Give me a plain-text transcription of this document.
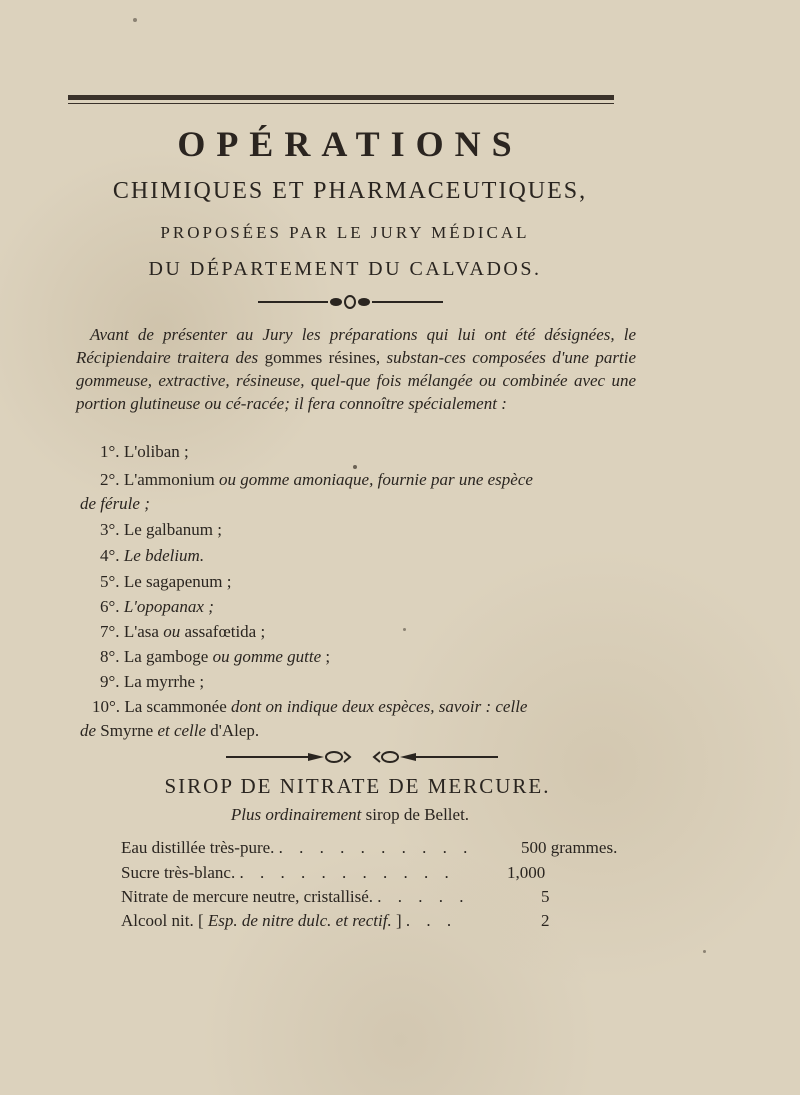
OPÉRATIONS
CHIMIQUES ET PHARMACEUTIQUES,
PROPOSÉES PAR LE JURY MÉDICAL
DU DÉPARTEMENT DU CALVADOS.
Avant de présenter au Jury les préparations qui lui ont été désignées, le Récipiendaire traitera des gommes résines, substan-ces composées d'une partie gommeuse, extractive, résineuse, quel-que fois mélangée ou combinée avec une portion glutineuse ou cé-racée; il fera connoître spécialement :
1°. L'oliban ;
2°. L'ammonium ou gomme amoniaque, fournie par une espèce
de férule ;
3°. Le galbanum ;
4°. Le bdelium.
5°. Le sagapenum ;
6°. L'opopanax ;
7°. L'asa ou assafœtida ;
8°. La gamboge ou gomme gutte ;
9°. La myrrhe ;
10°. La scammonée dont on indique deux espèces, savoir : celle
de Smyrne et celle d'Alep.
SIROP DE NITRATE DE MERCURE.
Plus ordinairement sirop de Bellet.
Eau distillée très-pure. . . . . . . . . . .	500 grammes.
Sucre très-blanc. . . . . . . . . . . .	1,000
Nitrate de mercure neutre, cristallisé. . . . . .	5
Alcool nit. [ Esp. de nitre dulc. et rectif. ] . . .	2
